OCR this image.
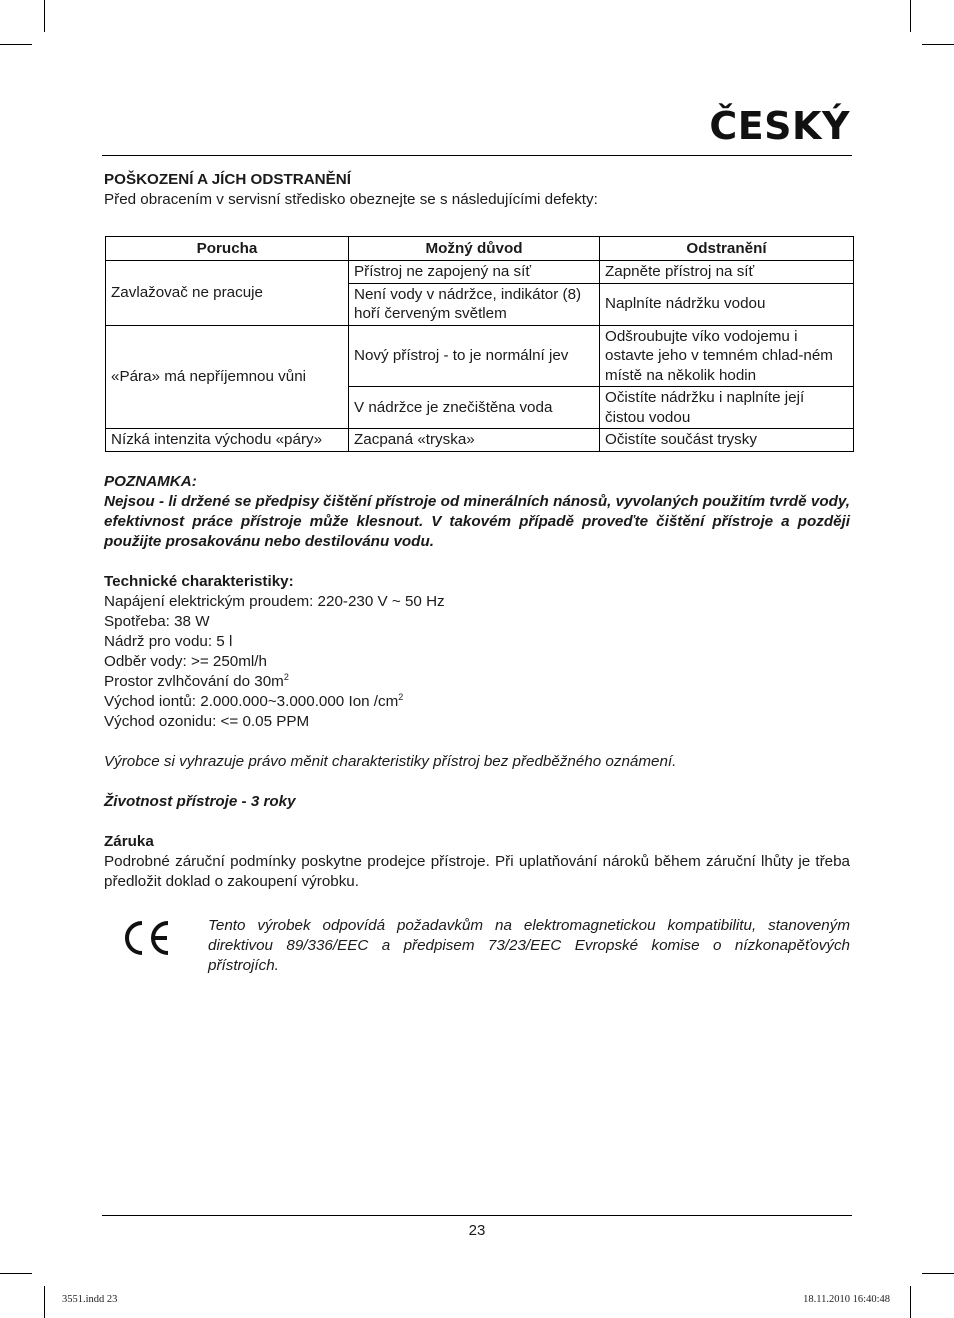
ČESKÝ

POŠKOZENÍ A JÍCH ODSTRANĚNÍ

Před obracením v servisní středisko obeznejte se s následujícími defekty:

Porucha	Možný důvod	Odstranění
Zavlažovač ne pracuje	Přístroj ne zapojený na síť	Zapněte přístroj na síť
	Není vody v nádržce, indikátor (8) hoří červeným světlem	Naplníte nádržku vodou
«Pára» má nepříjemnou vůni	Nový přístroj - to je normální jev	Odšroubujte víko vodojemu i ostavte jeho v temném chlad-ném místě na několik hodin
	V nádržce je znečištěna voda	Očistíte nádržku i naplníte její čistou vodou
Nízká intenzita východu «páry»	Zacpaná «tryska»	Očistíte součást trysky

POZNAMKA:

Nejsou - li držené se předpisy čištění přístroje od minerálních nánosů, vyvolaných použitím tvrdě vody, efektivnost práce přístroje může klesnout. V takovém případě proveďte čištění přístroje a později použijte prosakovánu nebo destilovánu vodu.

Technické charakteristiky:

Napájení elektrickým proudem: 220-230 V ~ 50 Hz

Spotřeba: 38 W

Nádrž pro vodu: 5 l

Odběr vody: >= 250ml/h

Prostor zvlhčování do $30m^2$

Východ iontů: 2.000.000~3.000.000 Ion $/cm^2$

Východ ozonidu: <= 0.05 PPM

Výrobce si vyhrazuje právo měnit charakteristiky přístroj bez předběžného oznámení.

Životnost přístroje - 3 roky

Záruka

Podrobné záruční podmínky poskytne prodejce přístroje. Při uplatňování nároků během záruční lhůty je třeba předložit doklad o zakoupení výrobku.

Tento výrobek odpovídá požadavkům na elektromagnetickou kompatibilitu, stanoveným direktivou 89/336/EEC a předpisem 73/23/EEC Evropské komise o nízkonapěťových přístrojích.

23
3551.indd 23	18.11.2010 16:40:48
